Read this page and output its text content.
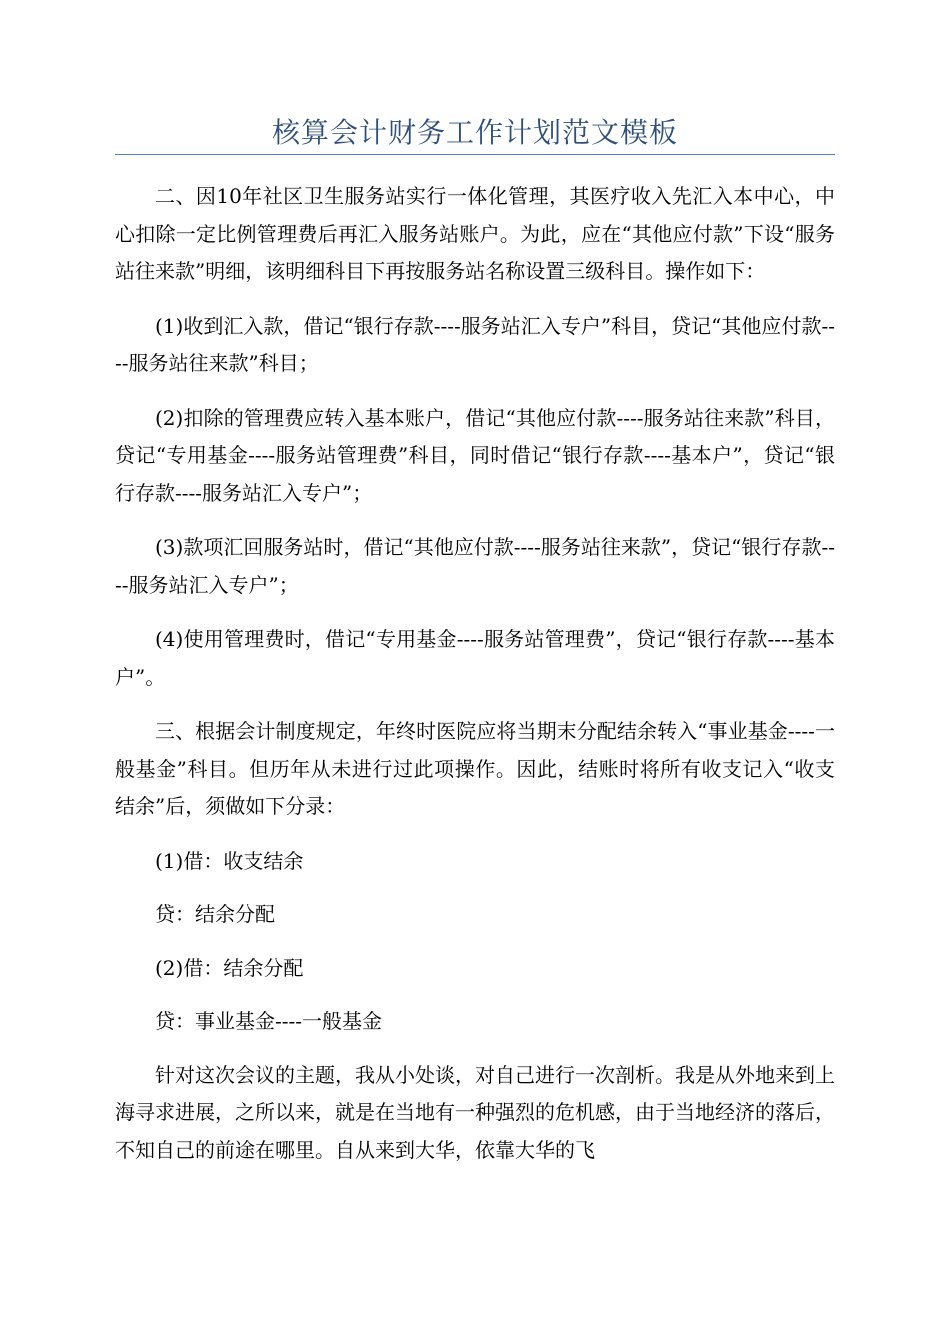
核算会计财务工作计划范文模板

二、因10年社区卫生服务站实行一体化管理，其医疗收入先汇入本中心，中心扣除一定比例管理费后再汇入服务站账户。为此，应在“其他应付款”下设“服务站往来款”明细，该明细科目下再按服务站名称设置三级科目。操作如下：

(1)收到汇入款，借记“银行存款----服务站汇入专户”科目，贷记“其他应付款----服务站往来款”科目；

(2)扣除的管理费应转入基本账户，借记“其他应付款----服务站往来款”科目，贷记“专用基金----服务站管理费”科目，同时借记“银行存款----基本户”，贷记“银行存款----服务站汇入专户”；

(3)款项汇回服务站时，借记“其他应付款----服务站往来款”，贷记“银行存款----服务站汇入专户”；

(4)使用管理费时，借记“专用基金----服务站管理费”，贷记“银行存款----基本户”。

三、根据会计制度规定，年终时医院应将当期末分配结余转入“事业基金----一般基金”科目。但历年从未进行过此项操作。因此，结账时将所有收支记入“收支结余”后，须做如下分录：

(1)借：收支结余

贷：结余分配

(2)借：结余分配

贷：事业基金----一般基金

针对这次会议的主题，我从小处谈，对自己进行一次剖析。我是从外地来到上海寻求进展，之所以来，就是在当地有一种强烈的危机感，由于当地经济的落后，不知自己的前途在哪里。自从来到大华，依靠大华的飞
